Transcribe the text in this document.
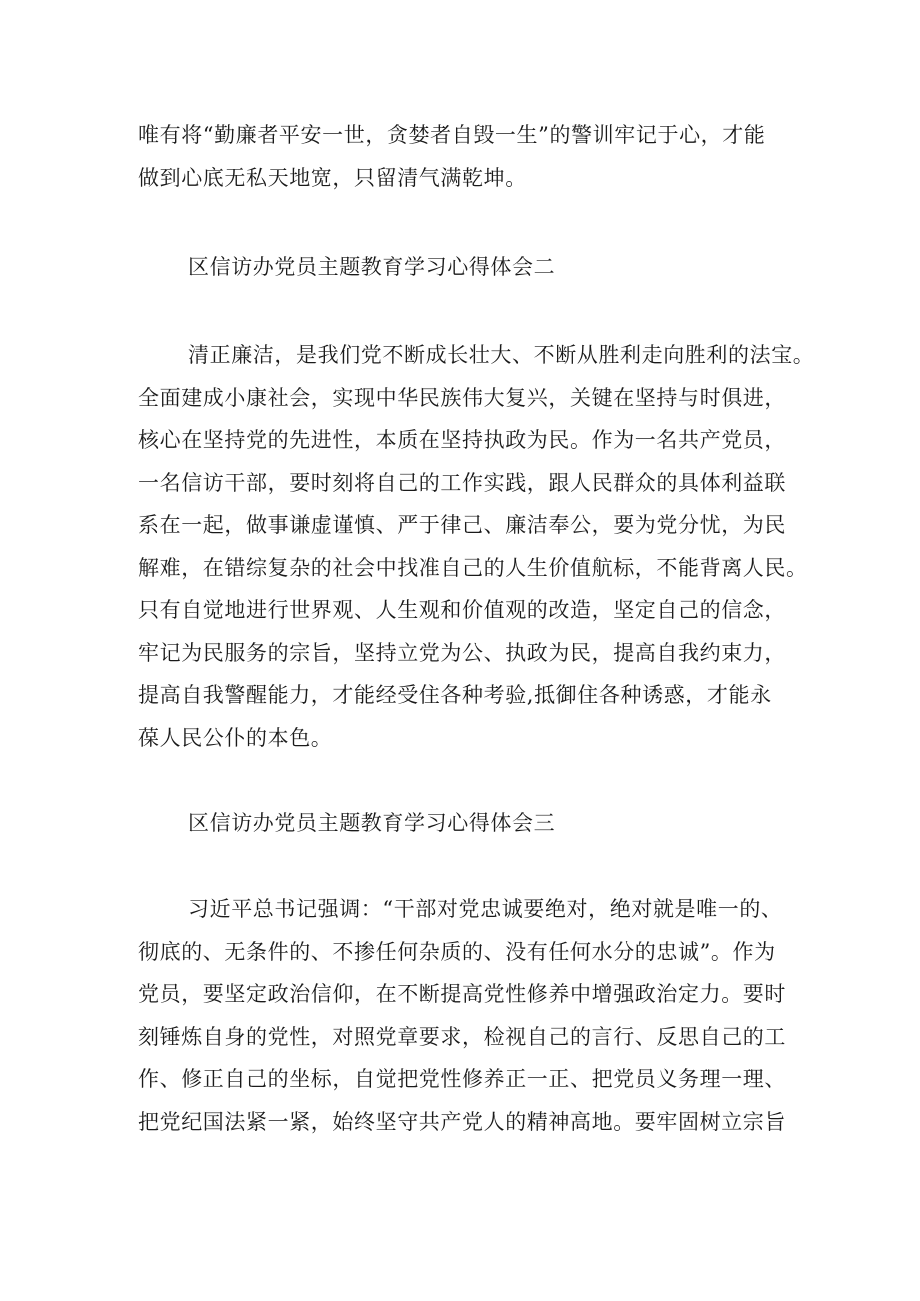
唯有将“勤廉者平安一世，贪婪者自毁一生”的警训牢记于心，才能
做到心底无私天地宽，只留清气满乾坤。
区信访办党员主题教育学习心得体会二
清正廉洁，是我们党不断成长壮大、不断从胜利走向胜利的法宝。
全面建成小康社会，实现中华民族伟大复兴，关键在坚持与时俱进，
核心在坚持党的先进性，本质在坚持执政为民。作为一名共产党员，
一名信访干部，要时刻将自己的工作实践，跟人民群众的具体利益联
系在一起，做事谦虚谨慎、严于律己、廉洁奉公，要为党分忧，为民
解难，在错综复杂的社会中找准自己的人生价值航标，不能背离人民。
只有自觉地进行世界观、人生观和价值观的改造，坚定自己的信念，
牢记为民服务的宗旨，坚持立党为公、执政为民，提高自我约束力，
提高自我警醒能力，才能经受住各种考验,抵御住各种诱惑，才能永
葆人民公仆的本色。
区信访办党员主题教育学习心得体会三
习近平总书记强调：“干部对党忠诚要绝对，绝对就是唯一的、
彻底的、无条件的、不掺任何杂质的、没有任何水分的忠诚”。作为
党员，要坚定政治信仰，在不断提高党性修养中增强政治定力。要时
刻锤炼自身的党性，对照党章要求，检视自己的言行、反思自己的工
作、修正自己的坐标，自觉把党性修养正一正、把党员义务理一理、
把党纪国法紧一紧，始终坚守共产党人的精神高地。要牢固树立宗旨
